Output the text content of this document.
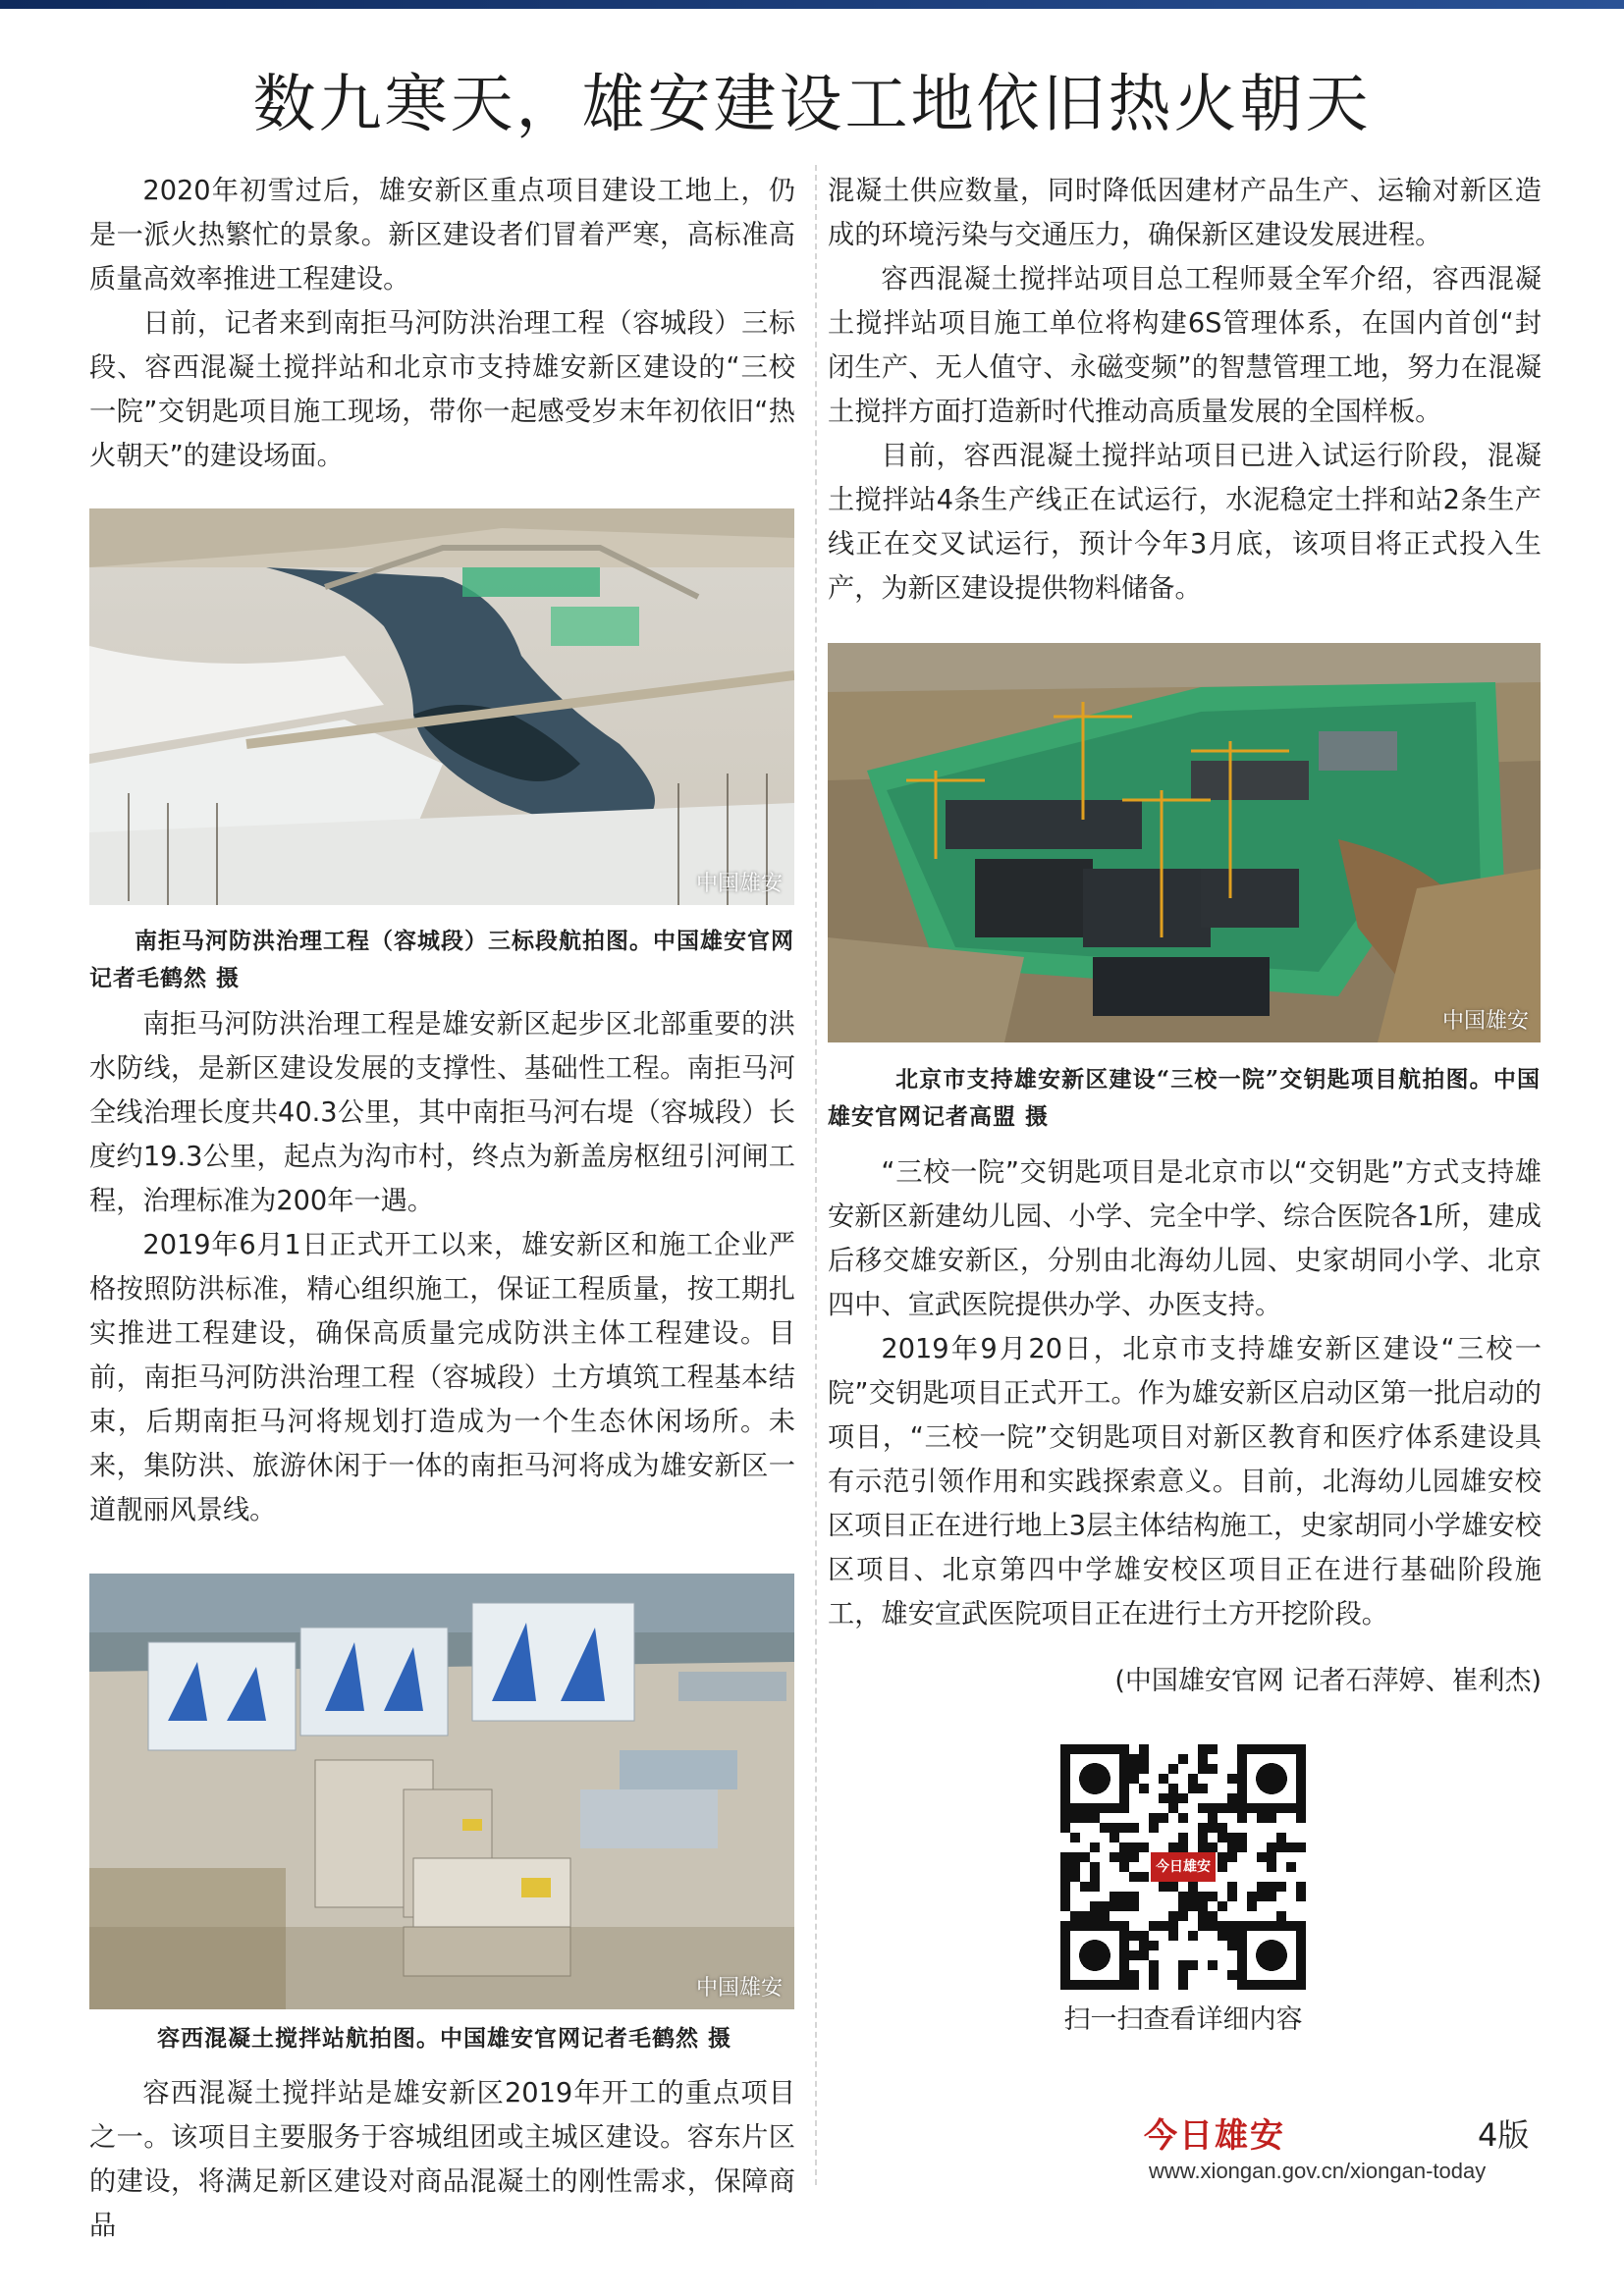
数九寒天，雄安建设工地依旧热火朝天

2020年初雪过后，雄安新区重点项目建设工地上，仍是一派火热繁忙的景象。新区建设者们冒着严寒，高标准高质量高效率推进工程建设。

日前，记者来到南拒马河防洪治理工程（容城段）三标段、容西混凝土搅拌站和北京市支持雄安新区建设的“三校一院”交钥匙项目施工现场，带你一起感受岁末年初依旧“热火朝天”的建设场面。

中国雄安

南拒马河防洪治理工程（容城段）三标段航拍图。中国雄安官网记者毛鹤然 摄

南拒马河防洪治理工程是雄安新区起步区北部重要的洪水防线，是新区建设发展的支撑性、基础性工程。南拒马河全线治理长度共40.3公里，其中南拒马河右堤（容城段）长度约19.3公里，起点为沟市村，终点为新盖房枢纽引河闸工程，治理标准为200年一遇。

2019年6月1日正式开工以来，雄安新区和施工企业严格按照防洪标准，精心组织施工，保证工程质量，按工期扎实推进工程建设，确保高质量完成防洪主体工程建设。目前，南拒马河防洪治理工程（容城段）土方填筑工程基本结束，后期南拒马河将规划打造成为一个生态休闲场所。未来，集防洪、旅游休闲于一体的南拒马河将成为雄安新区一道靓丽风景线。

中国雄安

容西混凝土搅拌站航拍图。中国雄安官网记者毛鹤然 摄

容西混凝土搅拌站是雄安新区2019年开工的重点项目之一。该项目主要服务于容城组团或主城区建设。容东片区的建设，将满足新区建设对商品混凝土的刚性需求，保障商品

混凝土供应数量，同时降低因建材产品生产、运输对新区造成的环境污染与交通压力，确保新区建设发展进程。

容西混凝土搅拌站项目总工程师聂全军介绍，容西混凝土搅拌站项目施工单位将构建6S管理体系，在国内首创“封闭生产、无人值守、永磁变频”的智慧管理工地，努力在混凝土搅拌方面打造新时代推动高质量发展的全国样板。

目前，容西混凝土搅拌站项目已进入试运行阶段，混凝土搅拌站4条生产线正在试运行，水泥稳定土拌和站2条生产线正在交叉试运行，预计今年3月底，该项目将正式投入生产，为新区建设提供物料储备。

中国雄安

北京市支持雄安新区建设“三校一院”交钥匙项目航拍图。中国雄安官网记者高盟 摄

“三校一院”交钥匙项目是北京市以“交钥匙”方式支持雄安新区新建幼儿园、小学、完全中学、综合医院各1所，建成后移交雄安新区，分别由北海幼儿园、史家胡同小学、北京四中、宣武医院提供办学、办医支持。

2019年9月20日，北京市支持雄安新区建设“三校一院”交钥匙项目正式开工。作为雄安新区启动区第一批启动的项目，“三校一院”交钥匙项目对新区教育和医疗体系建设具有示范引领作用和实践探索意义。目前，北海幼儿园雄安校区项目正在进行地上3层主体结构施工，史家胡同小学雄安校区项目、北京第四中学雄安校区项目正在进行基础阶段施工，雄安宣武医院项目正在进行土方开挖阶段。

(中国雄安官网 记者石萍婷、崔利杰)

今日雄安

扫一扫查看详细内容

今日雄安	4版
www.xiongan.gov.cn/xiongan-today
